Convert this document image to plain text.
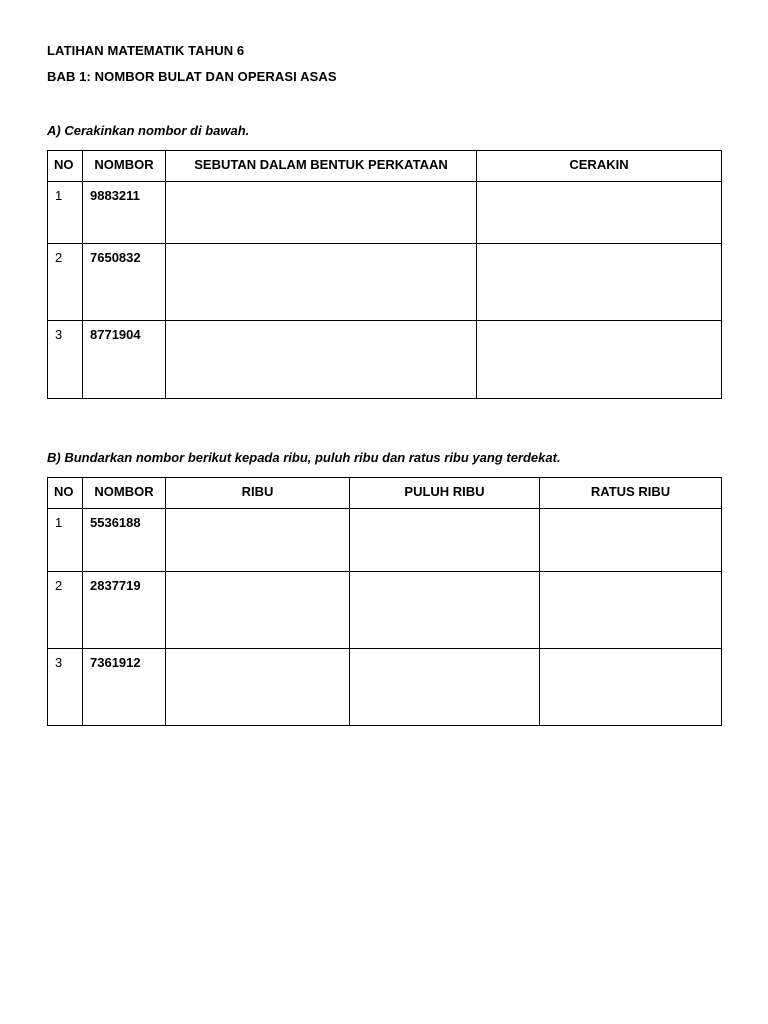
LATIHAN MATEMATIK TAHUN 6
BAB 1: NOMBOR BULAT DAN OPERASI ASAS
A) Cerakinkan nombor di bawah.
NO	NOMBOR	SEBUTAN DALAM BENTUK PERKATAAN	CERAKIN
1	9883211		
2	7650832		
3	8771904		
B) Bundarkan nombor berikut kepada ribu, puluh ribu dan ratus ribu yang terdekat.
NO	NOMBOR	RIBU	PULUH RIBU	RATUS RIBU
1	5536188			
2	2837719			
3	7361912			
